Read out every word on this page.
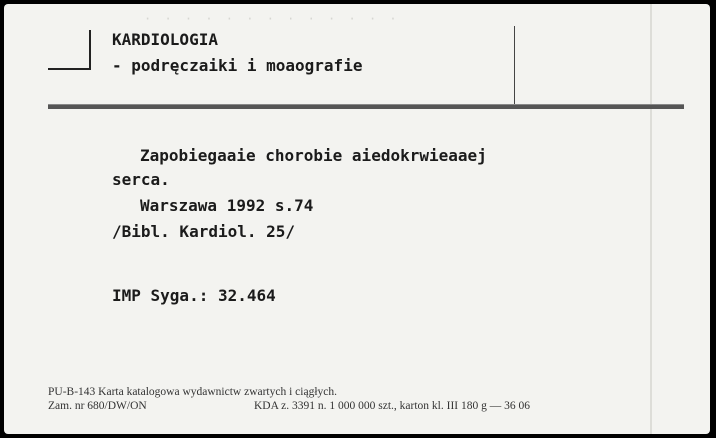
· · · · · · · · · · · · ·
KARDIOLOGIA
- podręczaiki i moaografie
Zapobiegaaie chorobie aiedokrwieaaej
serca.
Warszawa 1992 s.74
/Bibl. Kardiol. 25/
IMP Syga.: 32.464
PU-B-143 Karta katalogowa wydawnictw zwartych i ciągłych.
Zam. nr 680/DW/ON	KDA z. 3391 n. 1 000 000 szt., karton kl. III 180 g — 36 06
